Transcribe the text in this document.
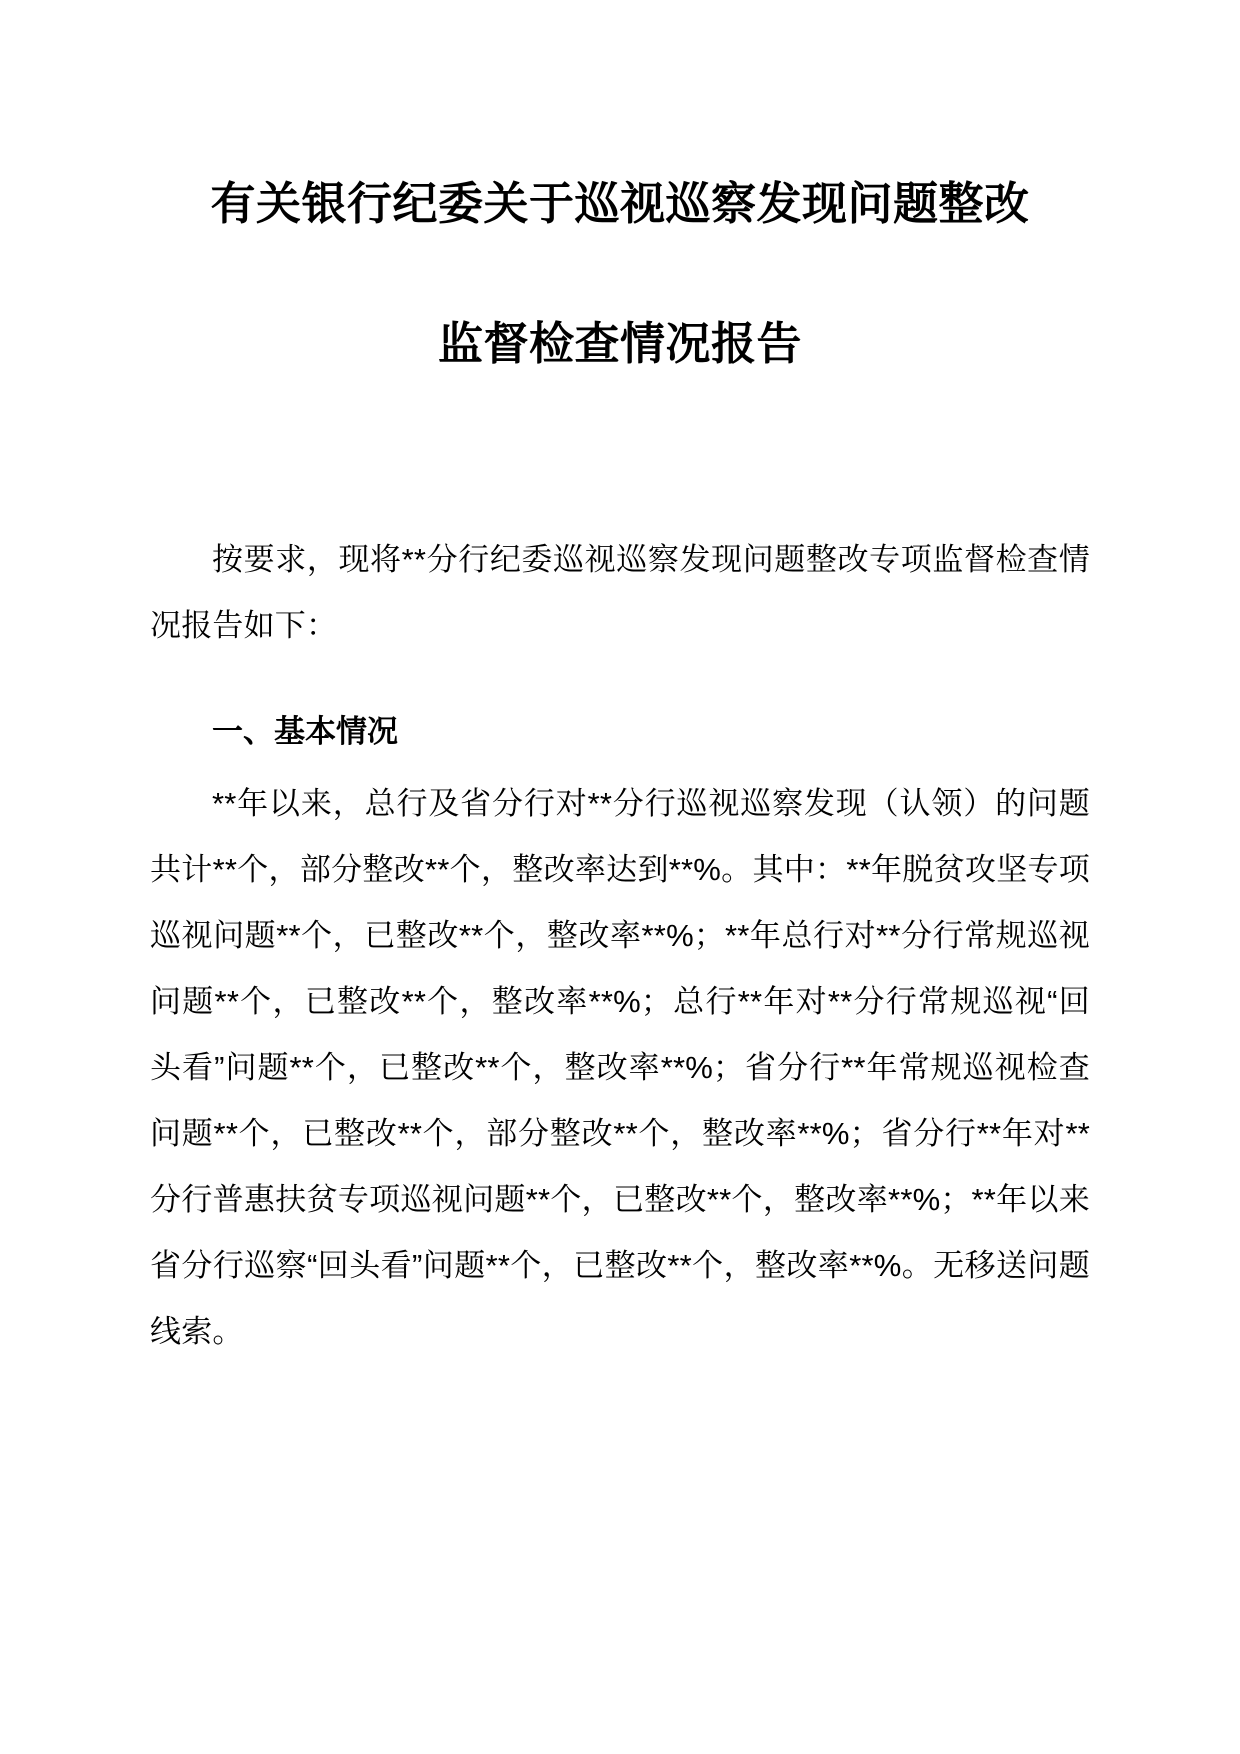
有关银行纪委关于巡视巡察发现问题整改
监督检查情况报告

按要求，现将**分行纪委巡视巡察发现问题整改专项监督检查情况报告如下：

一、基本情况

**年以来，总行及省分行对**分行巡视巡察发现（认领）的问题共计**个，部分整改**个，整改率达到**%。其中：**年脱贫攻坚专项巡视问题**个，已整改**个，整改率**%；**年总行对**分行常规巡视问题**个，已整改**个，整改率**%；总行**年对**分行常规巡视“回头看”问题**个，已整改**个，整改率**%；省分行**年常规巡视检查问题**个，已整改**个，部分整改**个，整改率**%；省分行**年对**分行普惠扶贫专项巡视问题**个，已整改**个，整改率**%；**年以来省分行巡察“回头看”问题**个，已整改**个，整改率**%。无移送问题线索。
